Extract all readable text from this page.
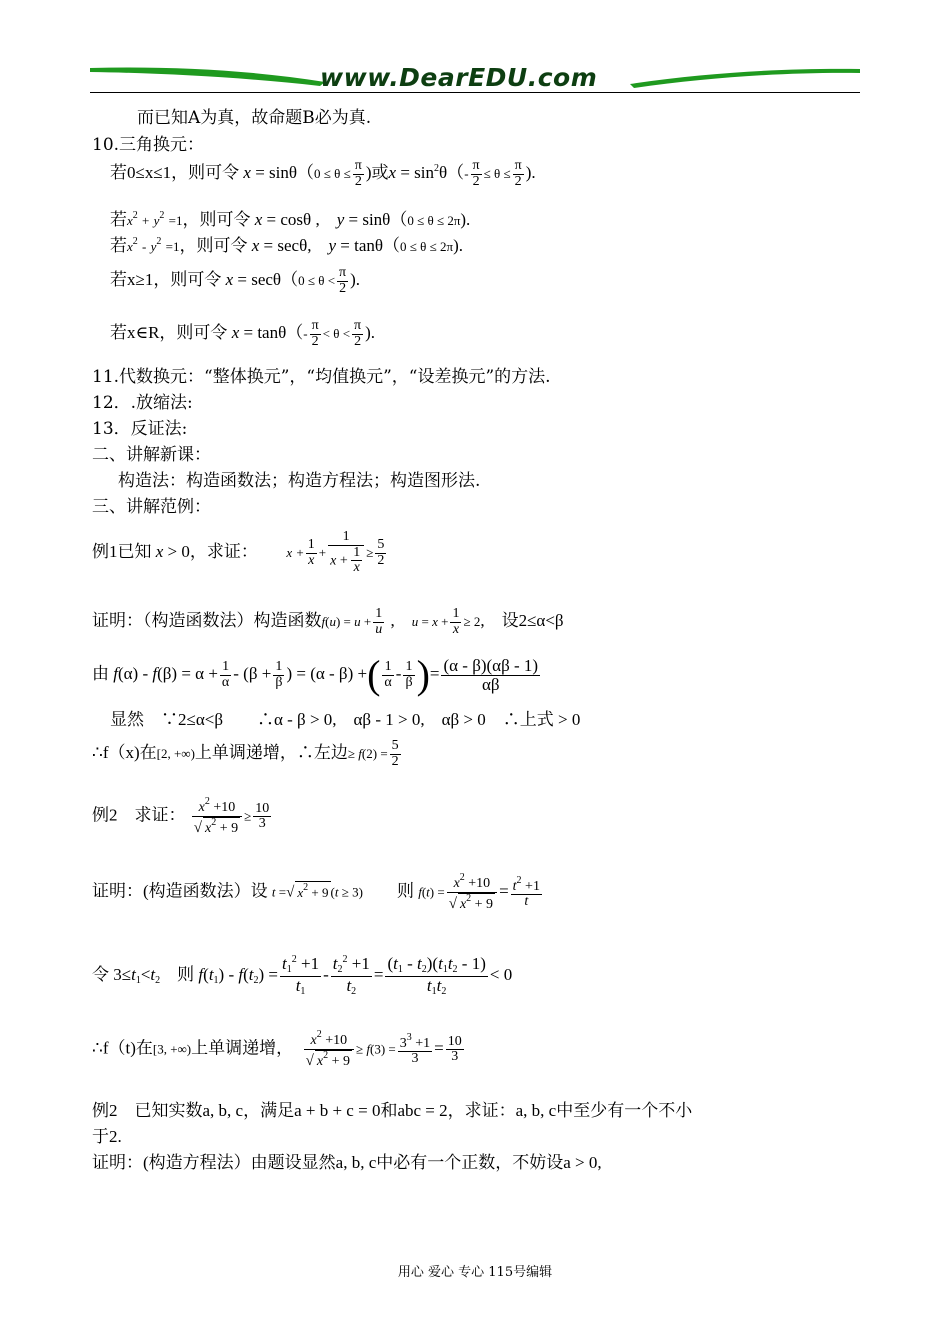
www.DearEDU.com
而已知A为真，故命题B必为真.
10.三角换元：
若0≤x≤1，则可令 $x = \sin\theta(0 \le \theta \le \frac{\pi}{2}$ )或$x = \sin^2\theta(- \frac{\pi}{2} \le \theta \le \frac{\pi}{2}$ ).
若$x^2 + y^2 =1$，则可令 x = cosθ ,　y = sinθ（0 ≤ θ ≤ 2π).
若$x^2 - y^2 =1$，则可令 x = secθ,　y = tanθ（0 ≤ θ ≤ 2π).
若x≥1，则可令 $x = \sec\theta(0 \le \theta < \frac{\pi}{2}$ ).
若x∈R，则可令 $x = \tan\theta(- \frac{\pi}{2} < \theta < \frac{\pi}{2}$ ).
11.代数换元：“整体换元”，“均值换元”，“设差换元”的方法.
12．.放缩法:
13．反证法:
二、讲解新课：
构造法：构造函数法；构造方程法；构造图形法.
三、讲解范例：
例1已知 x > 0，求证： $x + \frac{1}{x} + \frac{1}{x + \frac{1}{x}} \ge \frac{5}{2}$
证明：（构造函数法）构造函数$f(u) = u + \frac{1}{u}$ ,　$u = x + \frac{1}{x} \ge 2$,　设2≤α<β
由 $f(\alpha) - f(\beta) = \alpha + \frac{1}{\alpha} - (\beta + \frac{1}{\beta}$ ) = (α - β) +( $\frac{1}{\alpha} - \frac{1}{\beta}$ )= $\frac{(\alpha - \beta)(\alpha\beta - 1)}{\alpha\beta}$
显然　∵2≤α<β　　∴α - β > 0,　αβ - 1 > 0,　αβ > 0　∴上式 > 0
∴f（x)在[2, +∞)上单调递增，∴左边≥ $f(2) = \frac{5}{2}$
例2　求证： $\frac{x^2 +10}{√ x^2 + 9} \ge \frac{10}{3}$
证明：(构造函数法）设 t =√ $x^2 + 9$ (t ≥ 3)　　 则 $f(t) = \frac{x^2 +10}{√ x^2 + 9} = \frac{t^2 +1}{t}$
令 $3\le t_1<t_2$　 则 $f(t_1) - f(t_2) = \frac{t_1^2 +1}{t_1} - \frac{t_2^2 +1}{t_2} = \frac{(t_1 - t_2)(t_1t_2 - 1)}{t_1t_2} < 0$
∴f（t)在[3, +∞)上单调递增，　 $\frac{x^2 +10}{√ x^2 + 9} \ge f(3) = \frac{3^3 +1}{3} = \frac{10}{3}$
例2　已知实数a, b, c，满足a + b + c = 0和abc = 2，求证：a, b, c中至少有一个不小
于2.
证明：(构造方程法）由题设显然a, b, c中必有一个正数，不妨设a > 0,
用心 爱心 专心 115号编辑
